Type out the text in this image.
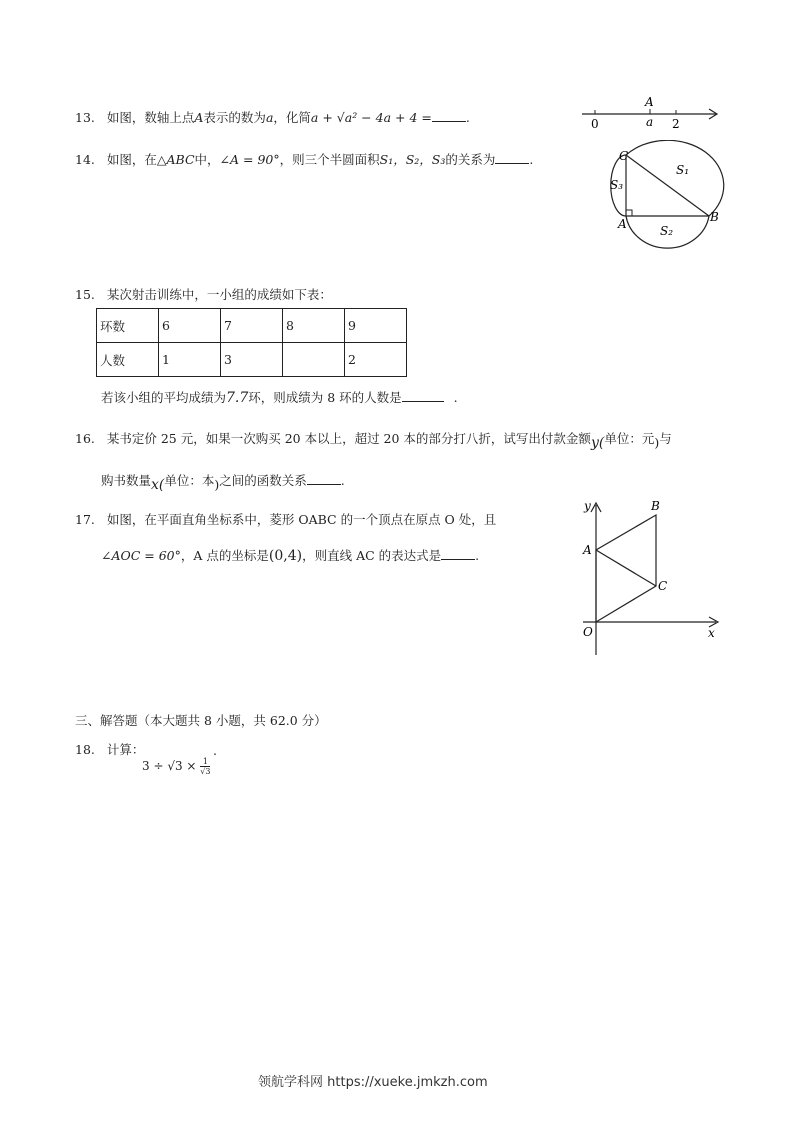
13. 如图，数轴上点A表示的数为a，化简a + √a² − 4a + 4 =	.
A
0	a 2
14. 如图，在△ABC中，∠A = 90°，则三个半圆面积S₁，S₂，S₃的关系为	.	C
B
A
S₁
S₂
S₃
15. 某次射击训练中，一小组的成绩如下表：
环数	6	7	8	9
人数	1	3		2
若该小组的平均成绩为7.7环，则成绩为 8 环的人数是	.
16. 某书定价 25 元，如果一次购买 20 本以上，超过 20 本的部分打八折，试写出付款金额y(单位：元)与
购书数量x(单位：本)之间的函数关系	.
17. 如图，在平面直角坐标系中，菱形 OABC 的一个顶点在原点 O 处，且
∠AOC = 60°，A 点的坐标是(0,4)，则直线 AC 的表达式是	.
y
x
O
A
B
C
三、解答题（本大题共 8 小题，共 62.0 分）
18. 计算：
$3 \div √3 \times \frac{1}{√3}$
.
领航学科网 https://xueke.jmkzh.com
